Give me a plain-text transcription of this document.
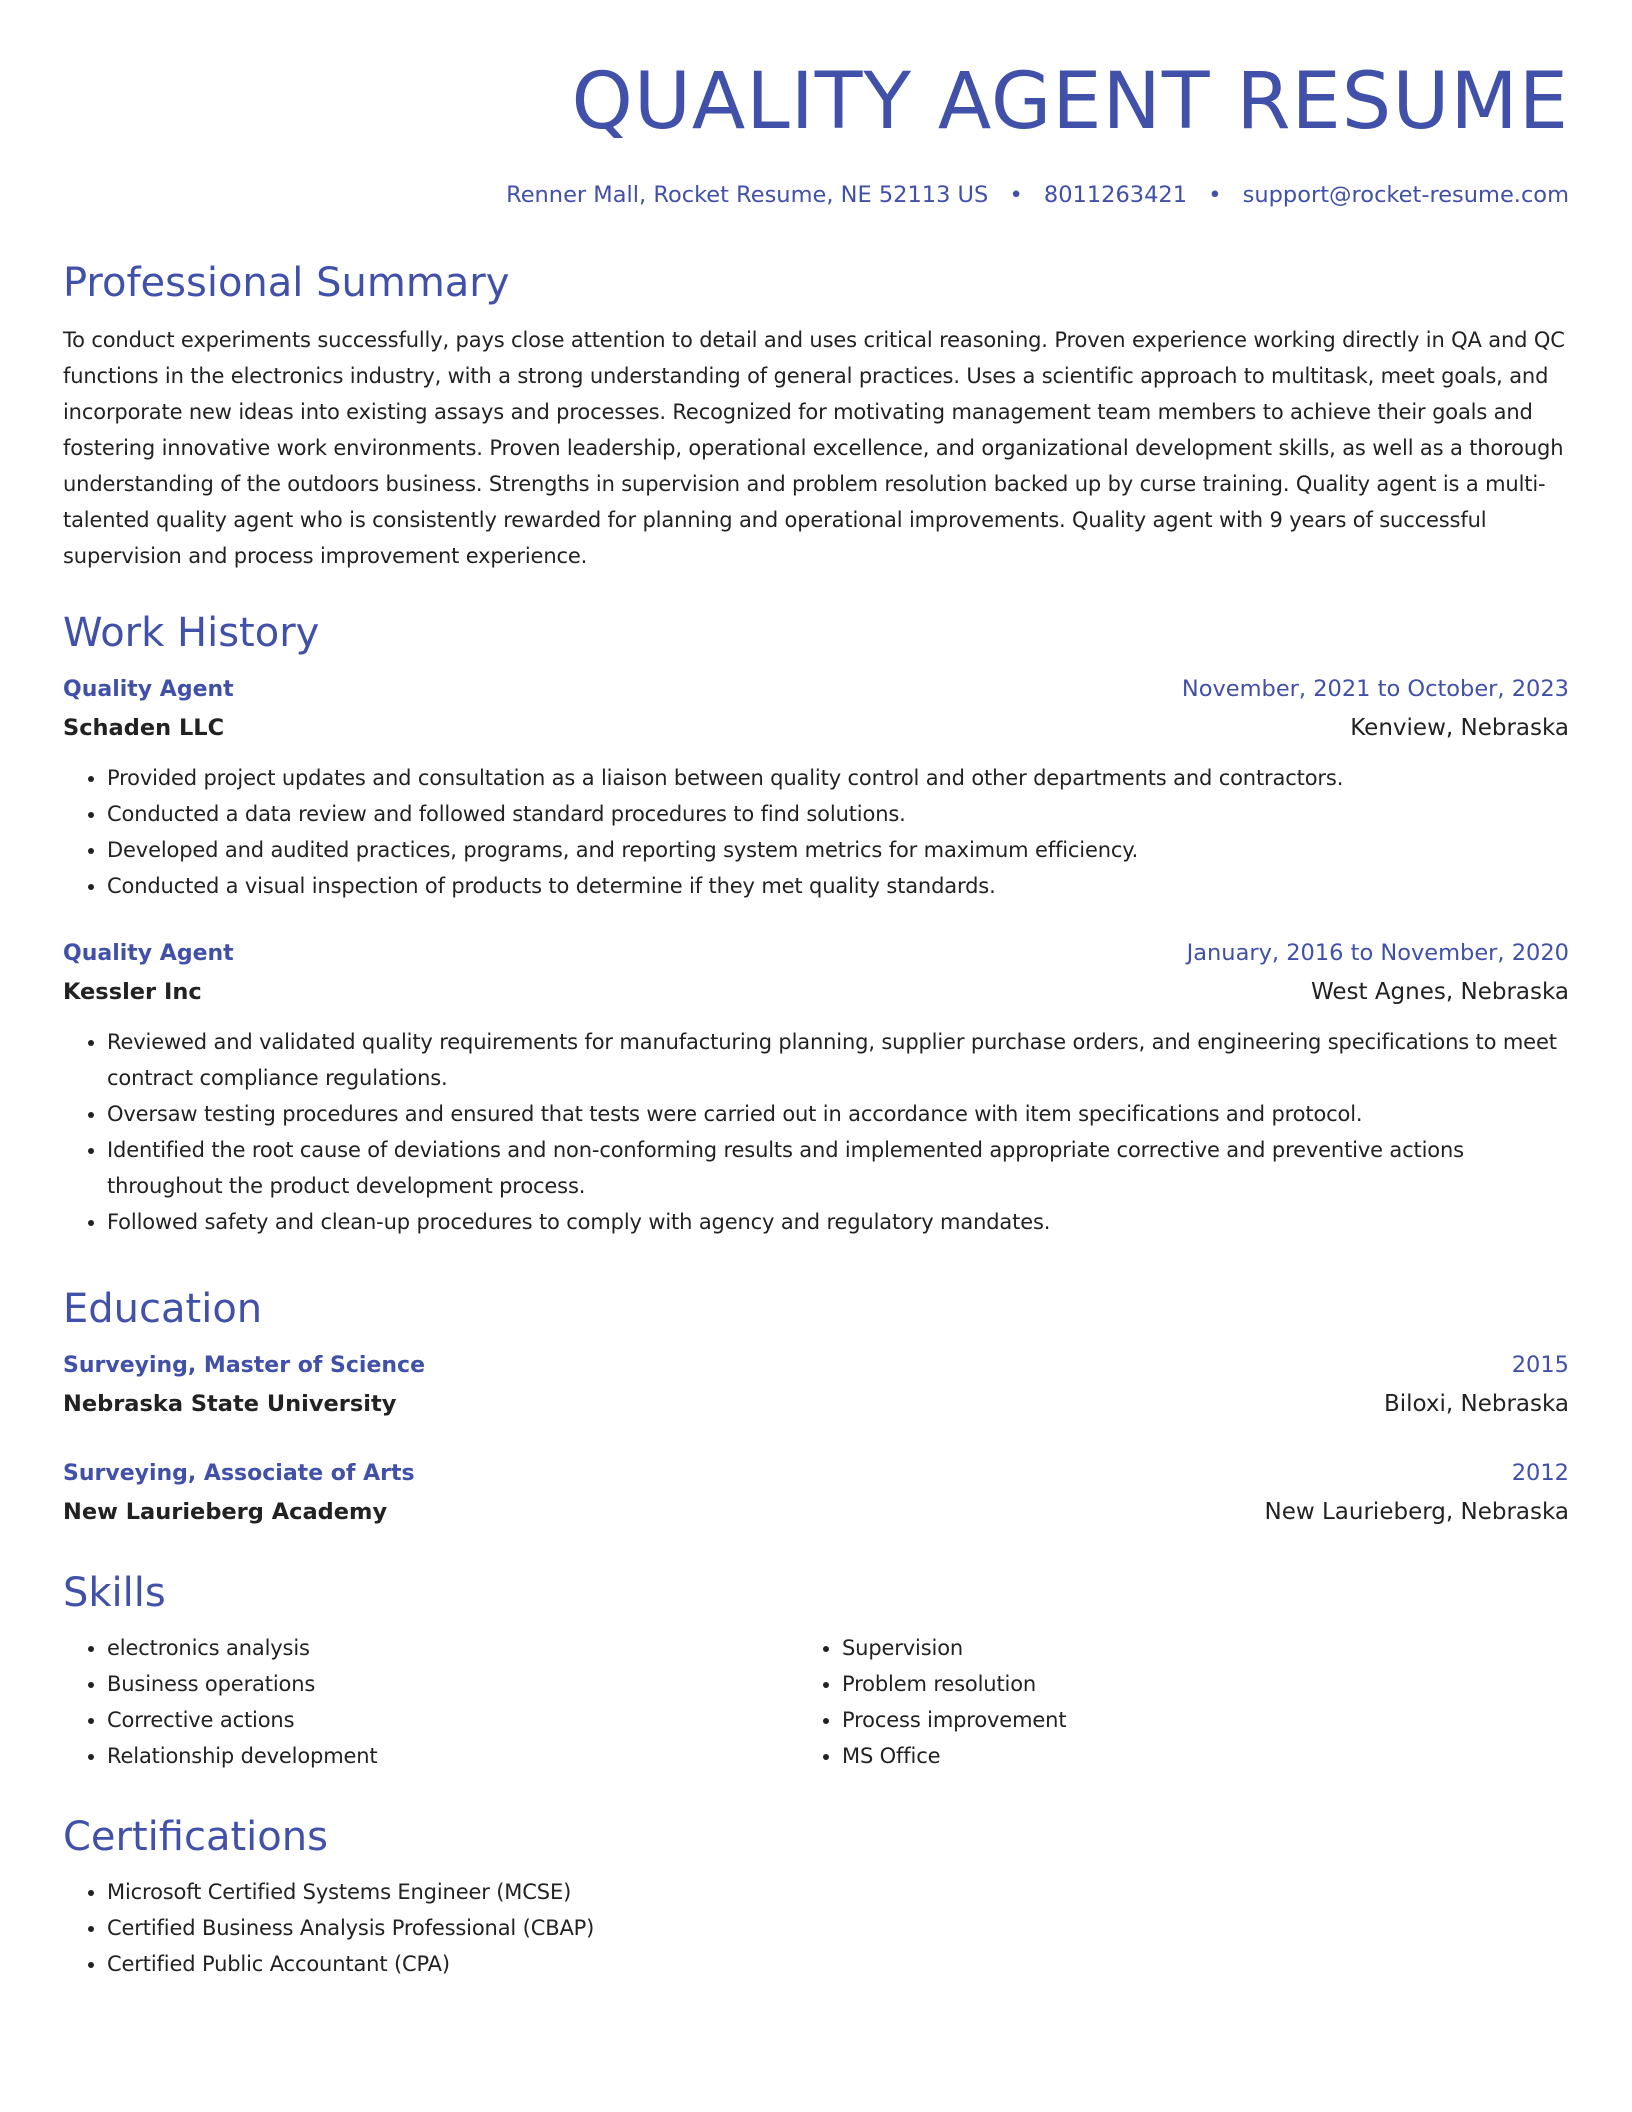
QUALITY AGENT RESUME
Renner Mall, Rocket Resume, NE 52113 US • 8011263421 • support@rocket-resume.com
Professional Summary

To conduct experiments successfully, pays close attention to detail and uses critical reasoning. Proven experience working directly in QA and QC functions in the electronics industry, with a strong understanding of general practices. Uses a scientific approach to multitask, meet goals, and incorporate new ideas into existing assays and processes. Recognized for motivating management team members to achieve their goals and fostering innovative work environments. Proven leadership, operational excellence, and organizational development skills, as well as a thorough understanding of the outdoors business. Strengths in supervision and problem resolution backed up by curse training. Quality agent is a multi-talented quality agent who is consistently rewarded for planning and operational improvements. Quality agent with 9 years of successful supervision and process improvement experience.

Work History
Quality Agent	November, 2021 to October, 2023
Schaden LLC	Kenview, Nebraska
• Provided project updates and consultation as a liaison between quality control and other departments and contractors.
• Conducted a data review and followed standard procedures to find solutions.
• Developed and audited practices, programs, and reporting system metrics for maximum efficiency.
• Conducted a visual inspection of products to determine if they met quality standards.
Quality Agent	January, 2016 to November, 2020
Kessler Inc	West Agnes, Nebraska
• Reviewed and validated quality requirements for manufacturing planning, supplier purchase orders, and engineering specifications to meet contract compliance regulations.
• Oversaw testing procedures and ensured that tests were carried out in accordance with item specifications and protocol.
• Identified the root cause of deviations and non-conforming results and implemented appropriate corrective and preventive actions throughout the product development process.
• Followed safety and clean-up procedures to comply with agency and regulatory mandates.
Education
Surveying, Master of Science	2015
Nebraska State University	Biloxi, Nebraska
Surveying, Associate of Arts	2012
New Laurieberg Academy	New Laurieberg, Nebraska
Skills
• electronics analysis
• Business operations
• Corrective actions
• Relationship development
• Supervision
• Problem resolution
• Process improvement
• MS Office
Certifications
• Microsoft Certified Systems Engineer (MCSE)
• Certified Business Analysis Professional (CBAP)
• Certified Public Accountant (CPA)
